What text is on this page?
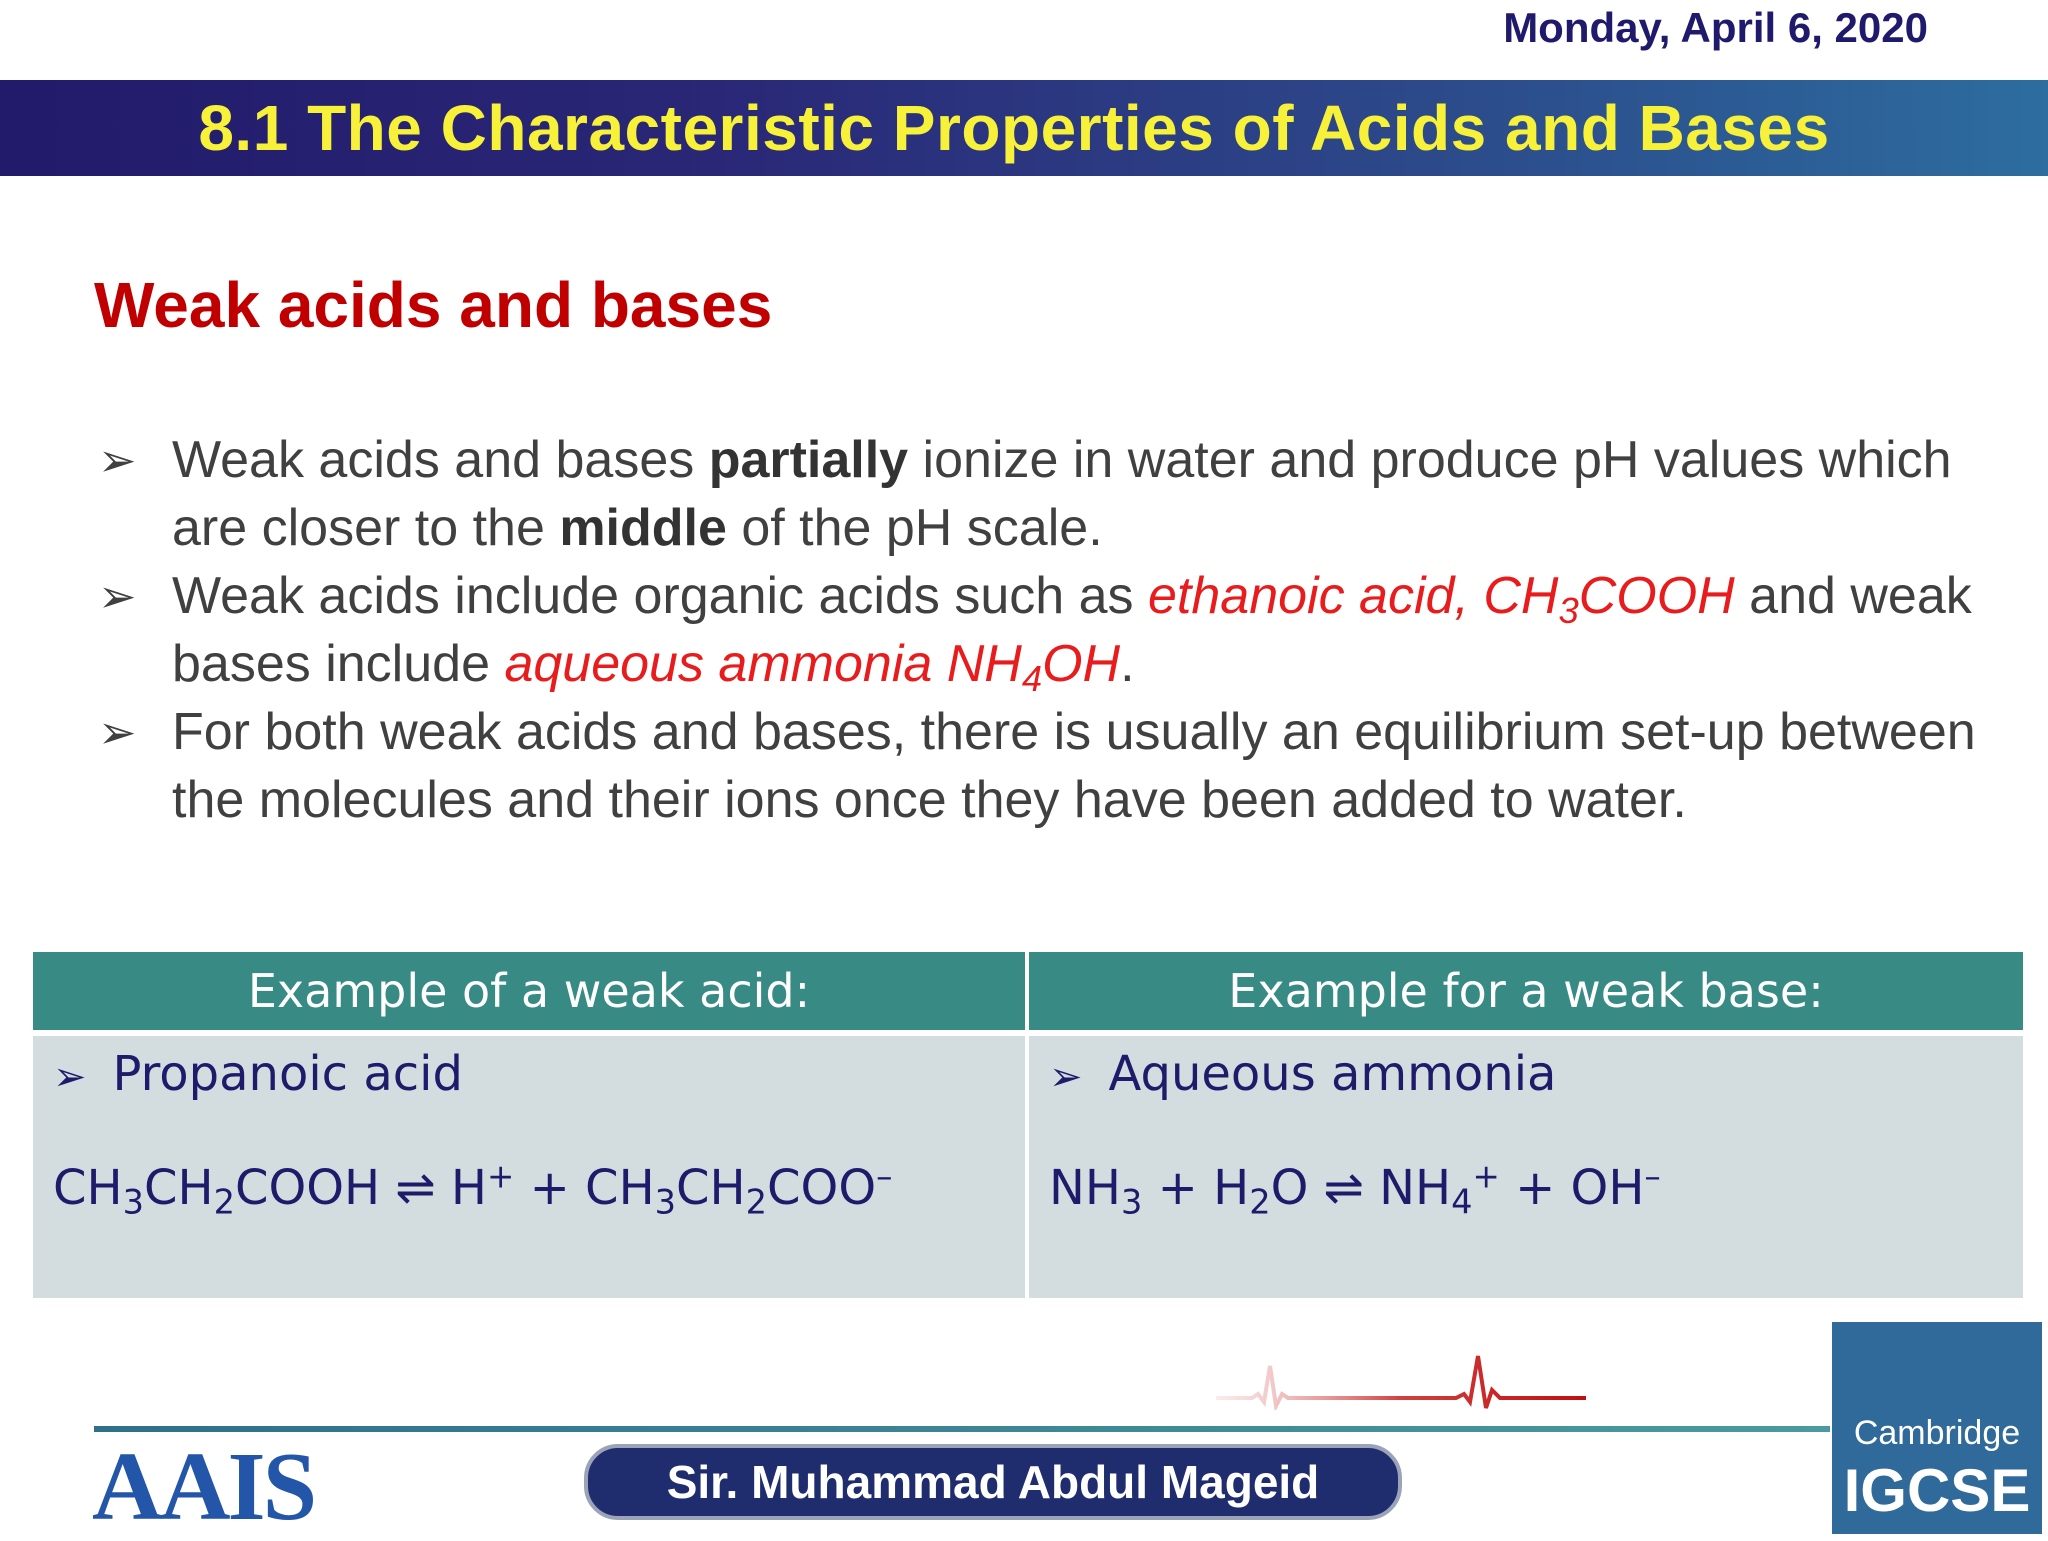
Monday, April 6, 2020
8.1 The Characteristic Properties of Acids and Bases
Weak acids and bases
➢ Weak acids and bases partially ionize in water and produce pH values which are closer to the middle of the pH scale.
➢ Weak acids include organic acids such as ethanoic acid, $CH_3COOH$ and weak bases include aqueous ammonia $NH_4OH$.
➢ For both weak acids and bases, there is usually an equilibrium set-up between the molecules and their ions once they have been added to water.
Example of a weak acid:	Example for a weak base:
➢ Propanoic acid
$CH_3CH_2COOH$ ⇌ $H^+ + CH_3CH_2COO^-$
➢ Aqueous ammonia
$NH_3 + H_2O$ ⇌ $NH_4^+ + OH^-$
AAIS	Sir. Muhammad Abdul Mageid
Cambridge
IGCSE
